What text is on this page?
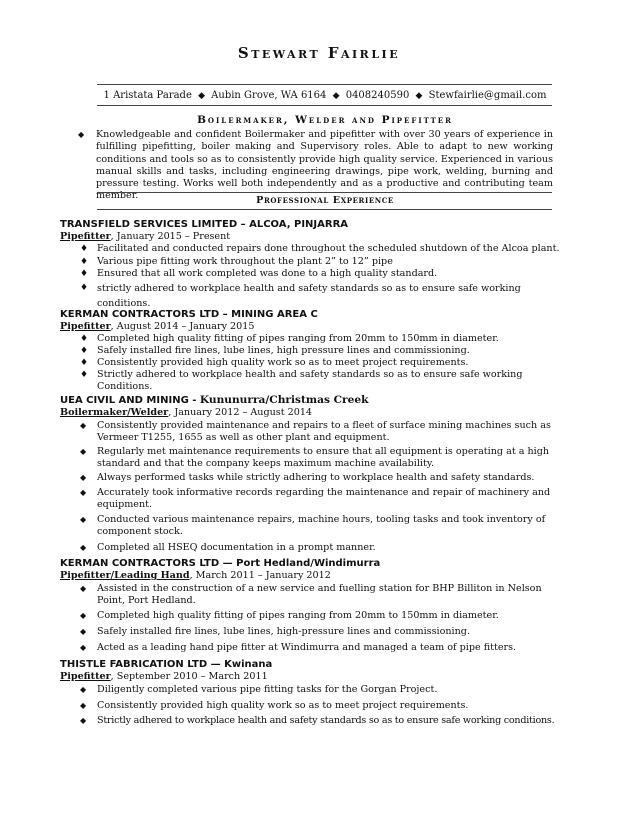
Stewart Fairlie
1 Aristata Parade ◆ Aubin Grove, WA 6164 ◆ 0408240590 ◆ Stewfairlie@gmail.com
Boilermaker, Welder and Pipefitter
◆ Knowledgeable and confident Boilermaker and pipefitter with over 30 years of experience in fulfilling pipefitting, boiler making and Supervisory roles. Able to adapt to new working conditions and tools so as to consistently provide high quality service. Experienced in various manual skills and tasks, including engineering drawings, pipe work, welding, burning and pressure testing. Works well both independently and as a productive and contributing team member.	Professional Experience
TRANSFIELD SERVICES LIMITED – ALCOA, PINJARRA
Pipefitter, January 2015 – Present
♦ Facilitated and conducted repairs done throughout the scheduled shutdown of the Alcoa plant.
♦ Various pipe fitting work throughout the plant 2” to 12” pipe
♦ Ensured that all work completed was done to a high quality standard.
♦ strictly adhered to workplace health and safety standards so as to ensure safe working conditions.
KERMAN CONTRACTORS LTD – MINING AREA C
Pipefitter, August 2014 – January 2015
♦ Completed high quality fitting of pipes ranging from 20mm to 150mm in diameter.
♦ Safely installed fire lines, lube lines, high pressure lines and commissioning.
♦ Consistently provided high quality work so as to meet project requirements.
♦ Strictly adhered to workplace health and safety standards so as to ensure safe working Conditions.
UEA CIVIL AND MINING - Kununurra/Christmas Creek
Boilermaker/Welder, January 2012 – August 2014
◆ Consistently provided maintenance and repairs to a fleet of surface mining machines such as Vermeer T1255, 1655 as well as other plant and equipment.
◆ Regularly met maintenance requirements to ensure that all equipment is operating at a high standard and that the company keeps maximum machine availability.
◆ Always performed tasks while strictly adhering to workplace health and safety standards.
◆ Accurately took informative records regarding the maintenance and repair of machinery and equipment.
◆ Conducted various maintenance repairs, machine hours, tooling tasks and took inventory of component stock.
◆ Completed all HSEQ documentation in a prompt manner.
KERMAN CONTRACTORS LTD — Port Hedland/Windimurra
Pipefitter/Leading Hand, March 2011 – January 2012
◆ Assisted in the construction of a new service and fuelling station for BHP Billiton in Nelson Point, Port Hedland.
◆ Completed high quality fitting of pipes ranging from 20mm to 150mm in diameter.
◆ Safely installed fire lines, lube lines, high-pressure lines and commissioning.
◆ Acted as a leading hand pipe fitter at Windimurra and managed a team of pipe fitters.
THISTLE FABRICATION LTD — Kwinana
Pipefitter, September 2010 – March 2011
◆ Diligently completed various pipe fitting tasks for the Gorgan Project.
◆ Consistently provided high quality work so as to meet project requirements.
◆ Strictly adhered to workplace health and safety standards so as to ensure safe working conditions.
